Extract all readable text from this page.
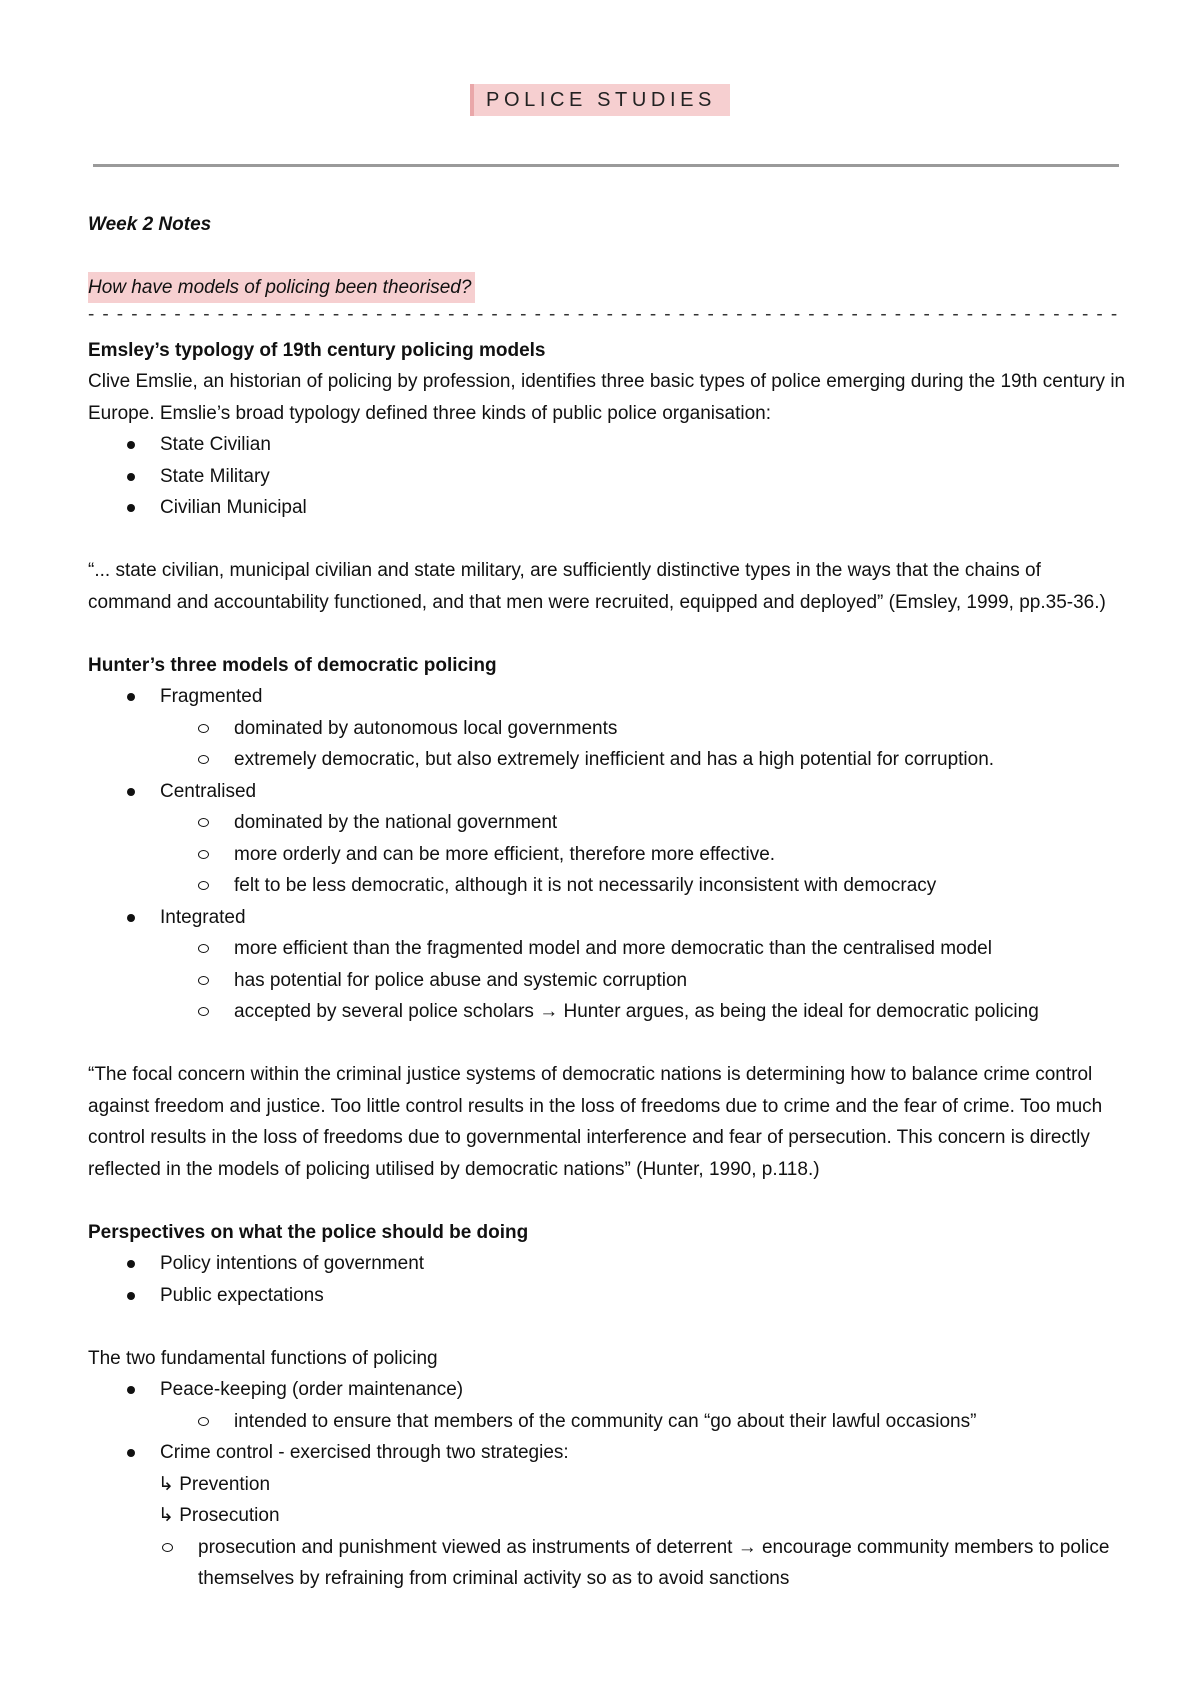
POLICE STUDIES

Week 2 Notes

How have models of policing been theorised?

- - - - - - - - - - - - - - - - - - - - - - - - - - - - - - - - - - - - - - - - - - - - - - - - - - - - - - - - - - - - - - - - - - - - - - - -

Emsley’s typology of 19th century policing models

Clive Emslie, an historian of policing by profession, identifies three basic types of police emerging during the 19th century in Europe. Emslie’s broad typology defined three kinds of public police organisation:

State Civilian
State Military
Civilian Municipal

“... state civilian, municipal civilian and state military, are sufficiently distinctive types in the ways that the chains of command and accountability functioned, and that men were recruited, equipped and deployed” (Emsley, 1999, pp.35-36.)

Hunter’s three models of democratic policing

Fragmented
dominated by autonomous local governments
extremely democratic, but also extremely inefficient and has a high potential for corruption.
Centralised
dominated by the national government
more orderly and can be more efficient, therefore more effective.
felt to be less democratic, although it is not necessarily inconsistent with democracy
Integrated
more efficient than the fragmented model and more democratic than the centralised model
has potential for police abuse and systemic corruption
accepted by several police scholars → Hunter argues, as being the ideal for democratic policing

“The focal concern within the criminal justice systems of democratic nations is determining how to balance crime control against freedom and justice. Too little control results in the loss of freedoms due to crime and the fear of crime. Too much control results in the loss of freedoms due to governmental interference and fear of persecution. This concern is directly reflected in the models of policing utilised by democratic nations” (Hunter, 1990, p.118.)

Perspectives on what the police should be doing

Policy intentions of government
Public expectations

The two fundamental functions of policing

Peace-keeping (order maintenance)
intended to ensure that members of the community can “go about their lawful occasions”
Crime control - exercised through two strategies:

↳ Prevention

↳ Prosecution

prosecution and punishment viewed as instruments of deterrent → encourage community members to police themselves by refraining from criminal activity so as to avoid sanctions
